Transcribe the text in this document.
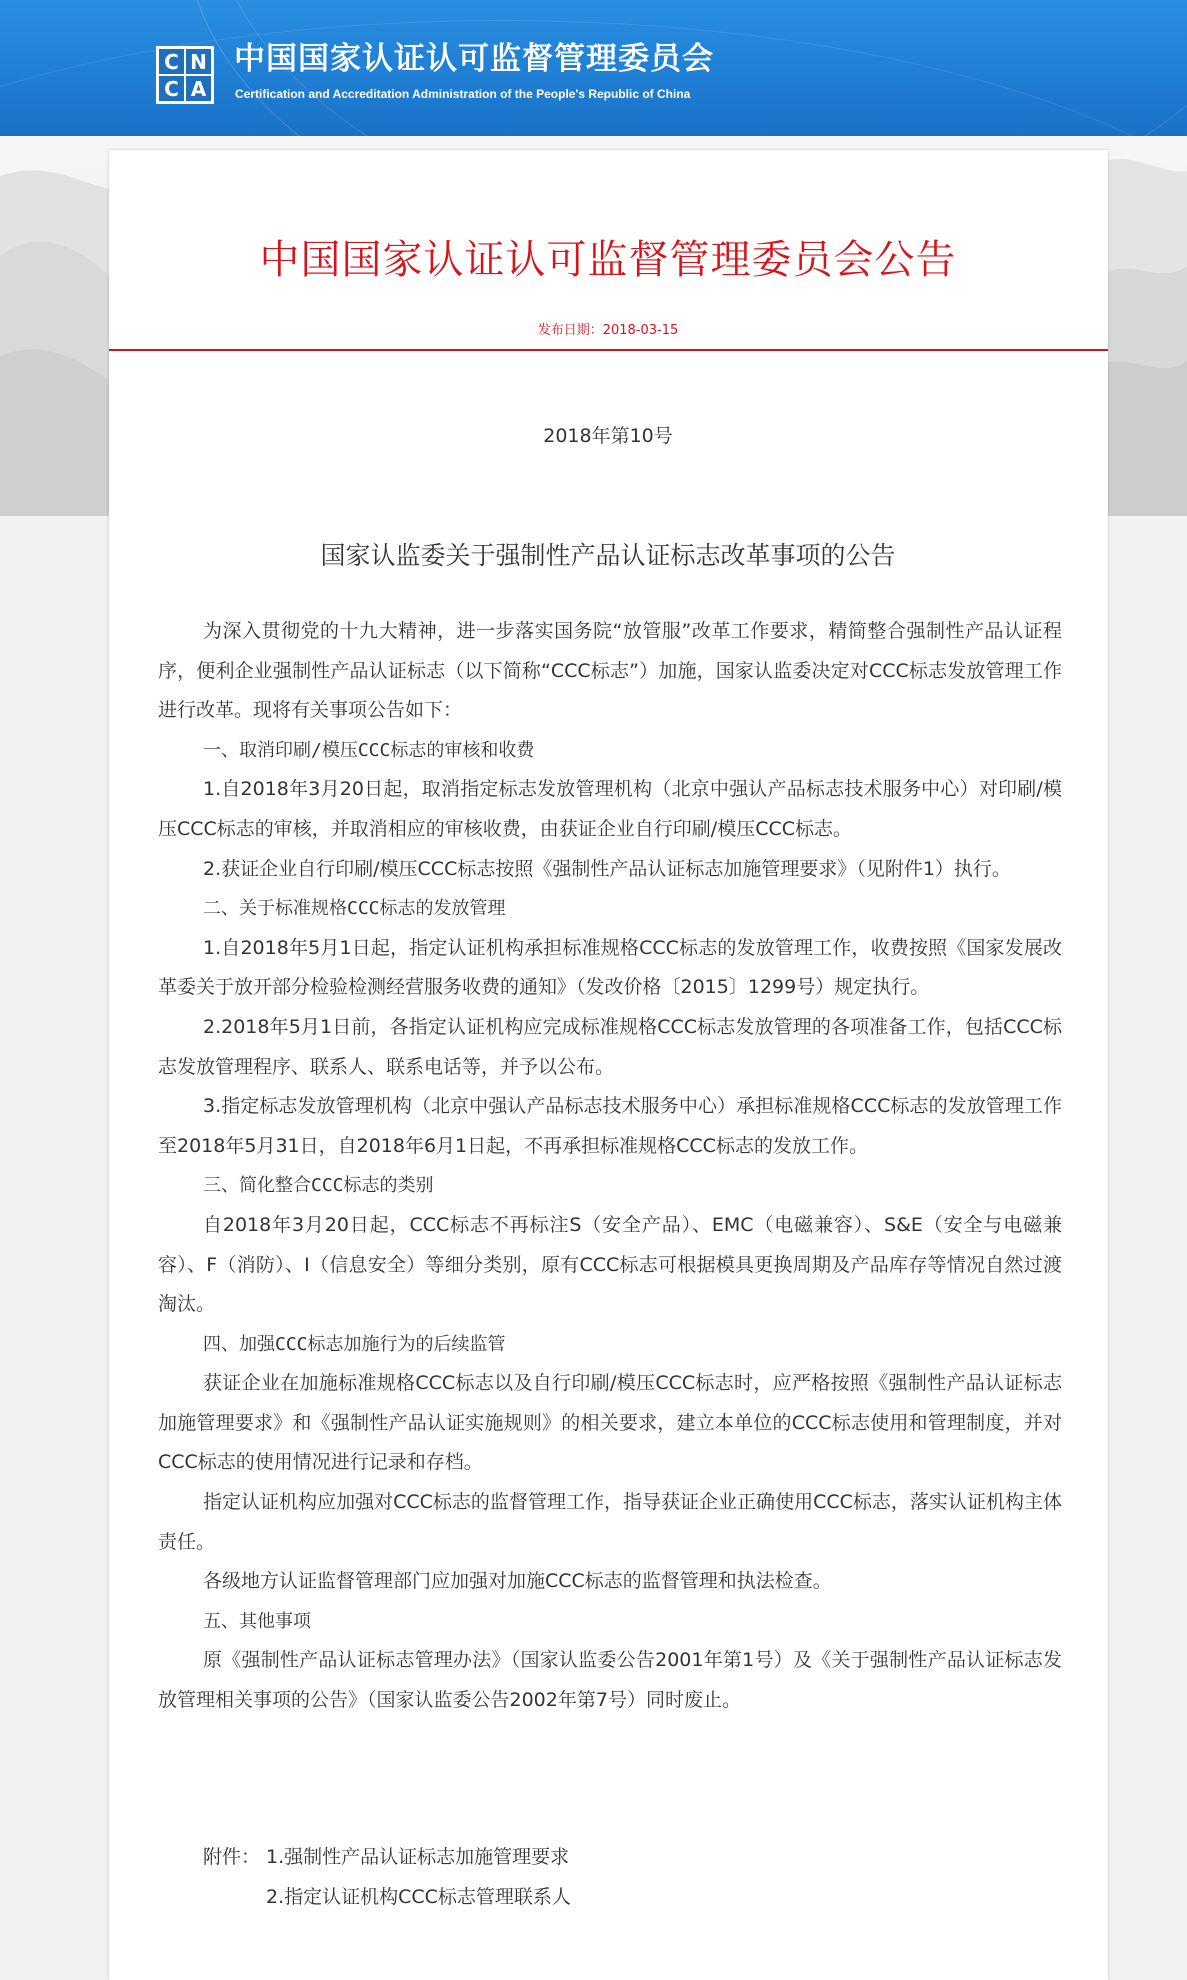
C N
C A
中国国家认证认可监督管理委员会
Certification and Accreditation Administration of the People's Republic of China
中国国家认证认可监督管理委员会公告
发布日期：2018-03-15
2018年第10号
国家认监委关于强制性产品认证标志改革事项的公告

为深入贯彻党的十九大精神，进一步落实国务院“放管服”改革工作要求，精简整合强制性产品认证程序，便利企业强制性产品认证标志（以下简称“CCC标志”）加施，国家认监委决定对CCC标志发放管理工作进行改革。现将有关事项公告如下：

一、取消印刷/模压CCC标志的审核和收费

1.自2018年3月20日起，取消指定标志发放管理机构（北京中强认产品标志技术服务中心）对印刷/模压CCC标志的审核，并取消相应的审核收费，由获证企业自行印刷/模压CCC标志。

2.获证企业自行印刷/模压CCC标志按照《强制性产品认证标志加施管理要求》（见附件1）执行。

二、关于标准规格CCC标志的发放管理

1.自2018年5月1日起，指定认证机构承担标准规格CCC标志的发放管理工作，收费按照《国家发展改革委关于放开部分检验检测经营服务收费的通知》（发改价格〔2015〕1299号）规定执行。

2.2018年5月1日前，各指定认证机构应完成标准规格CCC标志发放管理的各项准备工作，包括CCC标志发放管理程序、联系人、联系电话等，并予以公布。

3.指定标志发放管理机构（北京中强认产品标志技术服务中心）承担标准规格CCC标志的发放管理工作至2018年5月31日，自2018年6月1日起，不再承担标准规格CCC标志的发放工作。

三、简化整合CCC标志的类别

自2018年3月20日起，CCC标志不再标注S（安全产品）、EMC（电磁兼容）、S&E（安全与电磁兼容）、F（消防）、I（信息安全）等细分类别，原有CCC标志可根据模具更换周期及产品库存等情况自然过渡淘汰。

四、加强CCC标志加施行为的后续监管

获证企业在加施标准规格CCC标志以及自行印刷/模压CCC标志时，应严格按照《强制性产品认证标志加施管理要求》和《强制性产品认证实施规则》的相关要求，建立本单位的CCC标志使用和管理制度，并对CCC标志的使用情况进行记录和存档。

指定认证机构应加强对CCC标志的监督管理工作，指导获证企业正确使用CCC标志，落实认证机构主体责任。

各级地方认证监督管理部门应加强对加施CCC标志的监督管理和执法检查。

五、其他事项

原《强制性产品认证标志管理办法》（国家认监委公告2001年第1号）及《关于强制性产品认证标志发放管理相关事项的公告》（国家认监委公告2002年第7号）同时废止。

附件： 1.强制性产品认证标志加施管理要求
2.指定认证机构CCC标志管理联系人
